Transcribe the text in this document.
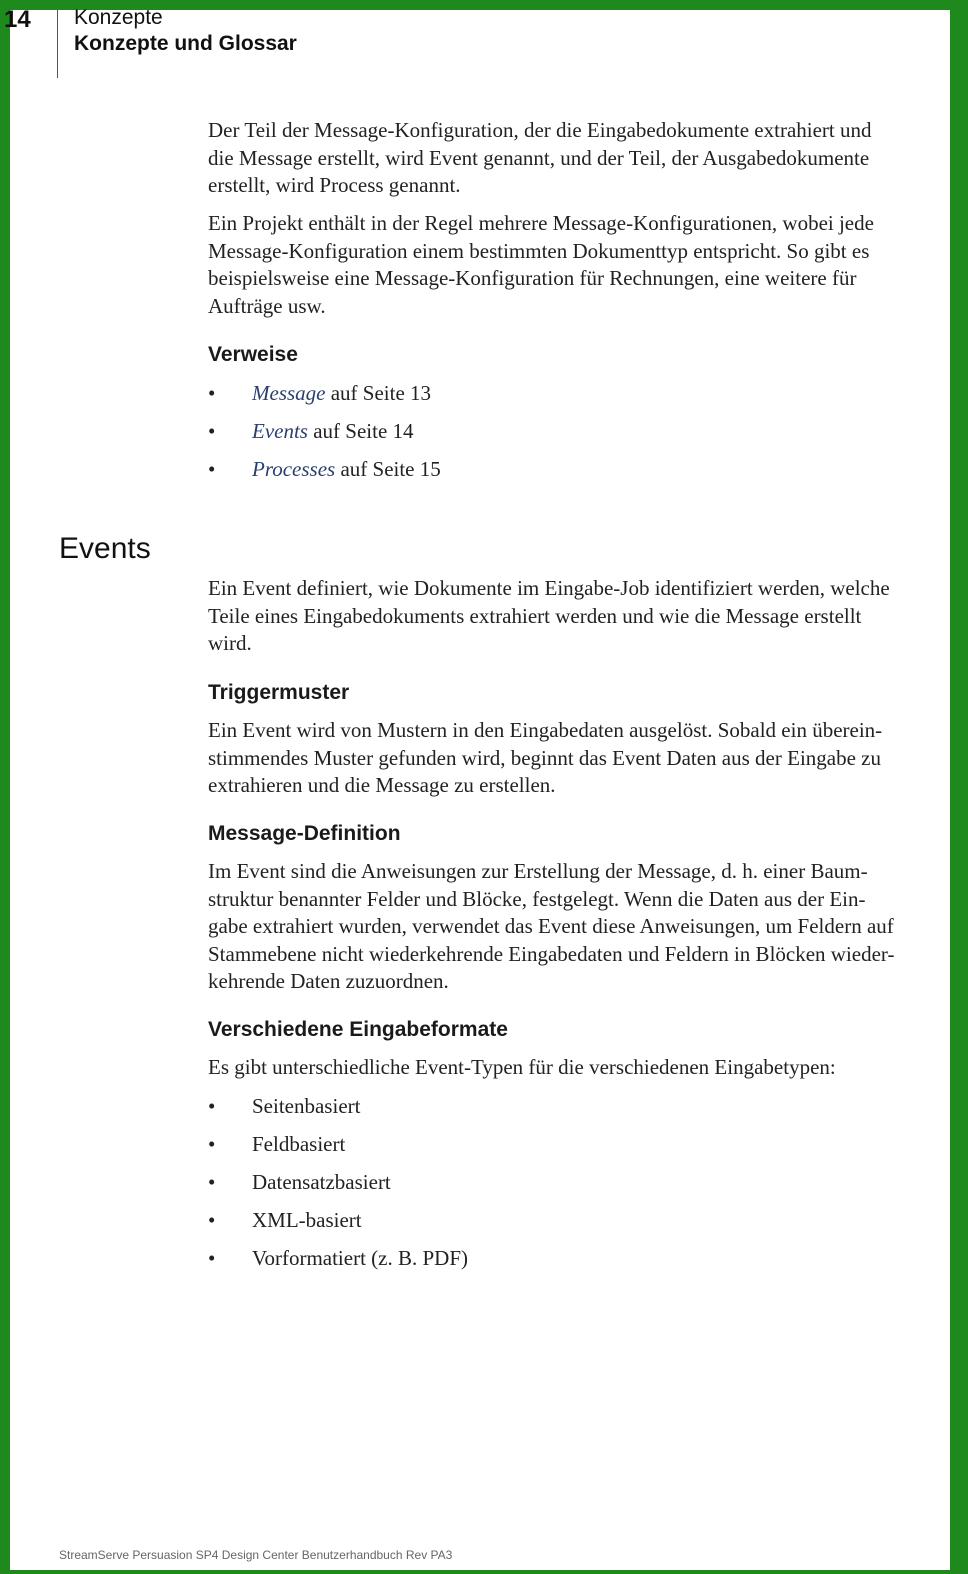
14 Konzepte
Konzepte und Glossar

Der Teil der Message-Konfiguration, der die Eingabedokumente extrahiert und

die Message erstellt, wird Event genannt, und der Teil, der Ausgabedokumente

erstellt, wird Process genannt.

Ein Projekt enthält in der Regel mehrere Message-Konfigurationen, wobei jede

Message-Konfiguration einem bestimmten Dokumenttyp entspricht. So gibt es

beispielsweise eine Message-Konfiguration für Rechnungen, eine weitere für

Aufträge usw.

Verweise
• Message auf Seite 13
• Events auf Seite 14
• Processes auf Seite 15
Events

Ein Event definiert, wie Dokumente im Eingabe-Job identifiziert werden, welche

Teile eines Eingabedokuments extrahiert werden und wie die Message erstellt

wird.

Triggermuster

Ein Event wird von Mustern in den Eingabedaten ausgelöst. Sobald ein überein-

stimmendes Muster gefunden wird, beginnt das Event Daten aus der Eingabe zu

extrahieren und die Message zu erstellen.

Message-Definition

Im Event sind die Anweisungen zur Erstellung der Message, d. h. einer Baum-

struktur benannter Felder und Blöcke, festgelegt. Wenn die Daten aus der Ein-

gabe extrahiert wurden, verwendet das Event diese Anweisungen, um Feldern auf

Stammebene nicht wiederkehrende Eingabedaten und Feldern in Blöcken wieder-

kehrende Daten zuzuordnen.

Verschiedene Eingabeformate

Es gibt unterschiedliche Event-Typen für die verschiedenen Eingabetypen:

• Seitenbasiert
• Feldbasiert
• Datensatzbasiert
• XML-basiert
• Vorformatiert (z. B. PDF)
StreamServe Persuasion SP4 Design Center Benutzerhandbuch Rev PA3
